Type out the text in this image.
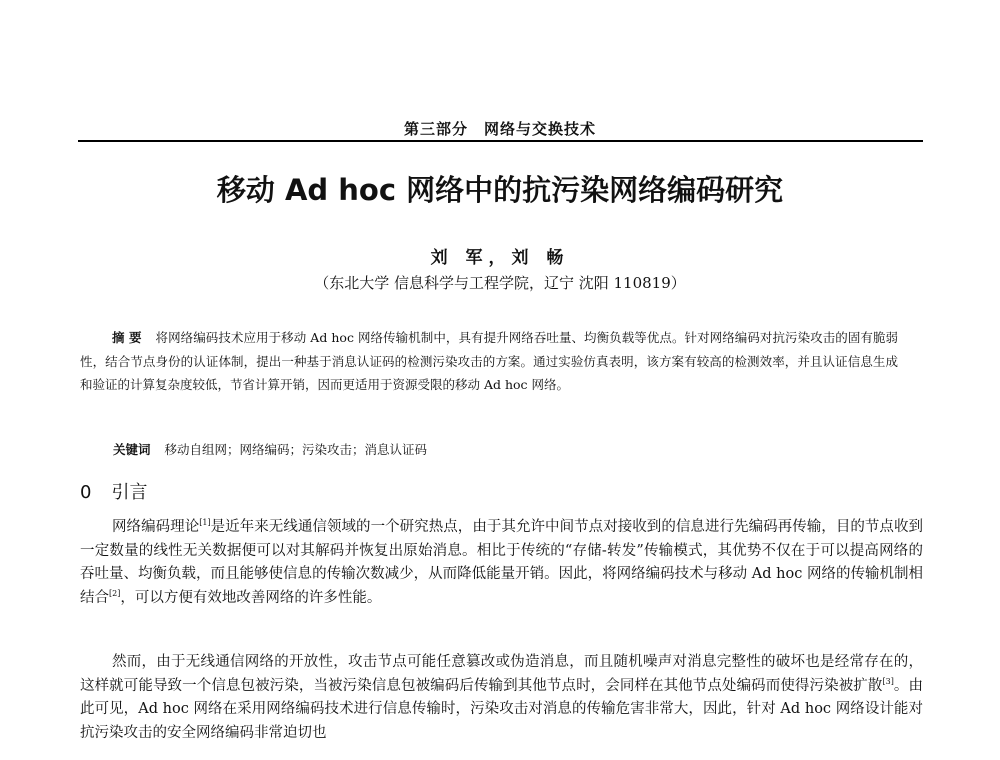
第三部分　网络与交换技术
移动 Ad hoc 网络中的抗污染网络编码研究
刘 军，刘 畅
（东北大学 信息科学与工程学院，辽宁 沈阳 110819）

摘 要 将网络编码技术应用于移动 Ad hoc 网络传输机制中，具有提升网络吞吐量、均衡负载等优点。针对网络编码对抗污染攻击的固有脆弱性，结合节点身份的认证体制，提出一种基于消息认证码的检测污染攻击的方案。通过实验仿真表明，该方案有较高的检测效率，并且认证信息生成和验证的计算复杂度较低，节省计算开销，因而更适用于资源受限的移动 Ad hoc 网络。

关键词 移动自组网；网络编码；污染攻击；消息认证码
0 引言

网络编码理论[1]是近年来无线通信领域的一个研究热点，由于其允许中间节点对接收到的信息进行先编码再传输，目的节点收到一定数量的线性无关数据便可以对其解码并恢复出原始消息。相比于传统的“存储-转发”传输模式，其优势不仅在于可以提高网络的吞吐量、均衡负载，而且能够使信息的传输次数减少，从而降低能量开销。因此，将网络编码技术与移动 Ad hoc 网络的传输机制相结合[2]，可以方便有效地改善网络的许多性能。

然而，由于无线通信网络的开放性，攻击节点可能任意篡改或伪造消息，而且随机噪声对消息完整性的破坏也是经常存在的，这样就可能导致一个信息包被污染，当被污染信息包被编码后传输到其他节点时，会同样在其他节点处编码而使得污染被扩散[3]。由此可见，Ad hoc 网络在采用网络编码技术进行信息传输时，污染攻击对消息的传输危害非常大，因此，针对 Ad hoc 网络设计能对抗污染攻击的安全网络编码非常迫切也
